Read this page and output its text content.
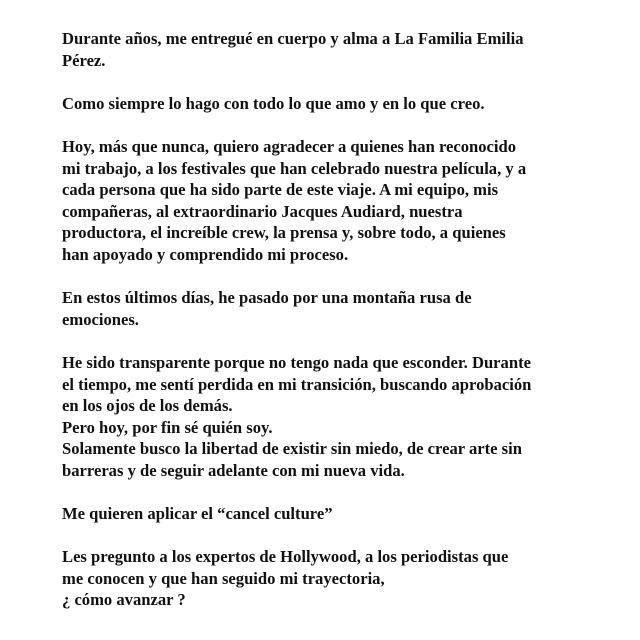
Durante años, me entregué en cuerpo y alma a La Familia Emilia
Pérez.

Como siempre lo hago con todo lo que amo y en lo que creo.

Hoy, más que nunca, quiero agradecer a quienes han reconocido
mi trabajo, a los festivales que han celebrado nuestra película, y a
cada persona que ha sido parte de este viaje. A mi equipo, mis
compañeras, al extraordinario Jacques Audiard, nuestra
productora, el increíble crew, la prensa y, sobre todo, a quienes
han apoyado y comprendido mi proceso.

En estos últimos días, he pasado por una montaña rusa de
emociones.

He sido transparente porque no tengo nada que esconder. Durante
el tiempo, me sentí perdida en mi transición, buscando aprobación
en los ojos de los demás.
Pero hoy, por fin sé quién soy.
Solamente busco la libertad de existir sin miedo, de crear arte sin
barreras y de seguir adelante con mi nueva vida.

Me quieren aplicar el “cancel culture”

Les pregunto a los expertos de Hollywood, a los periodistas que
me conocen y que han seguido mi trayectoria,
¿ cómo avanzar ?
